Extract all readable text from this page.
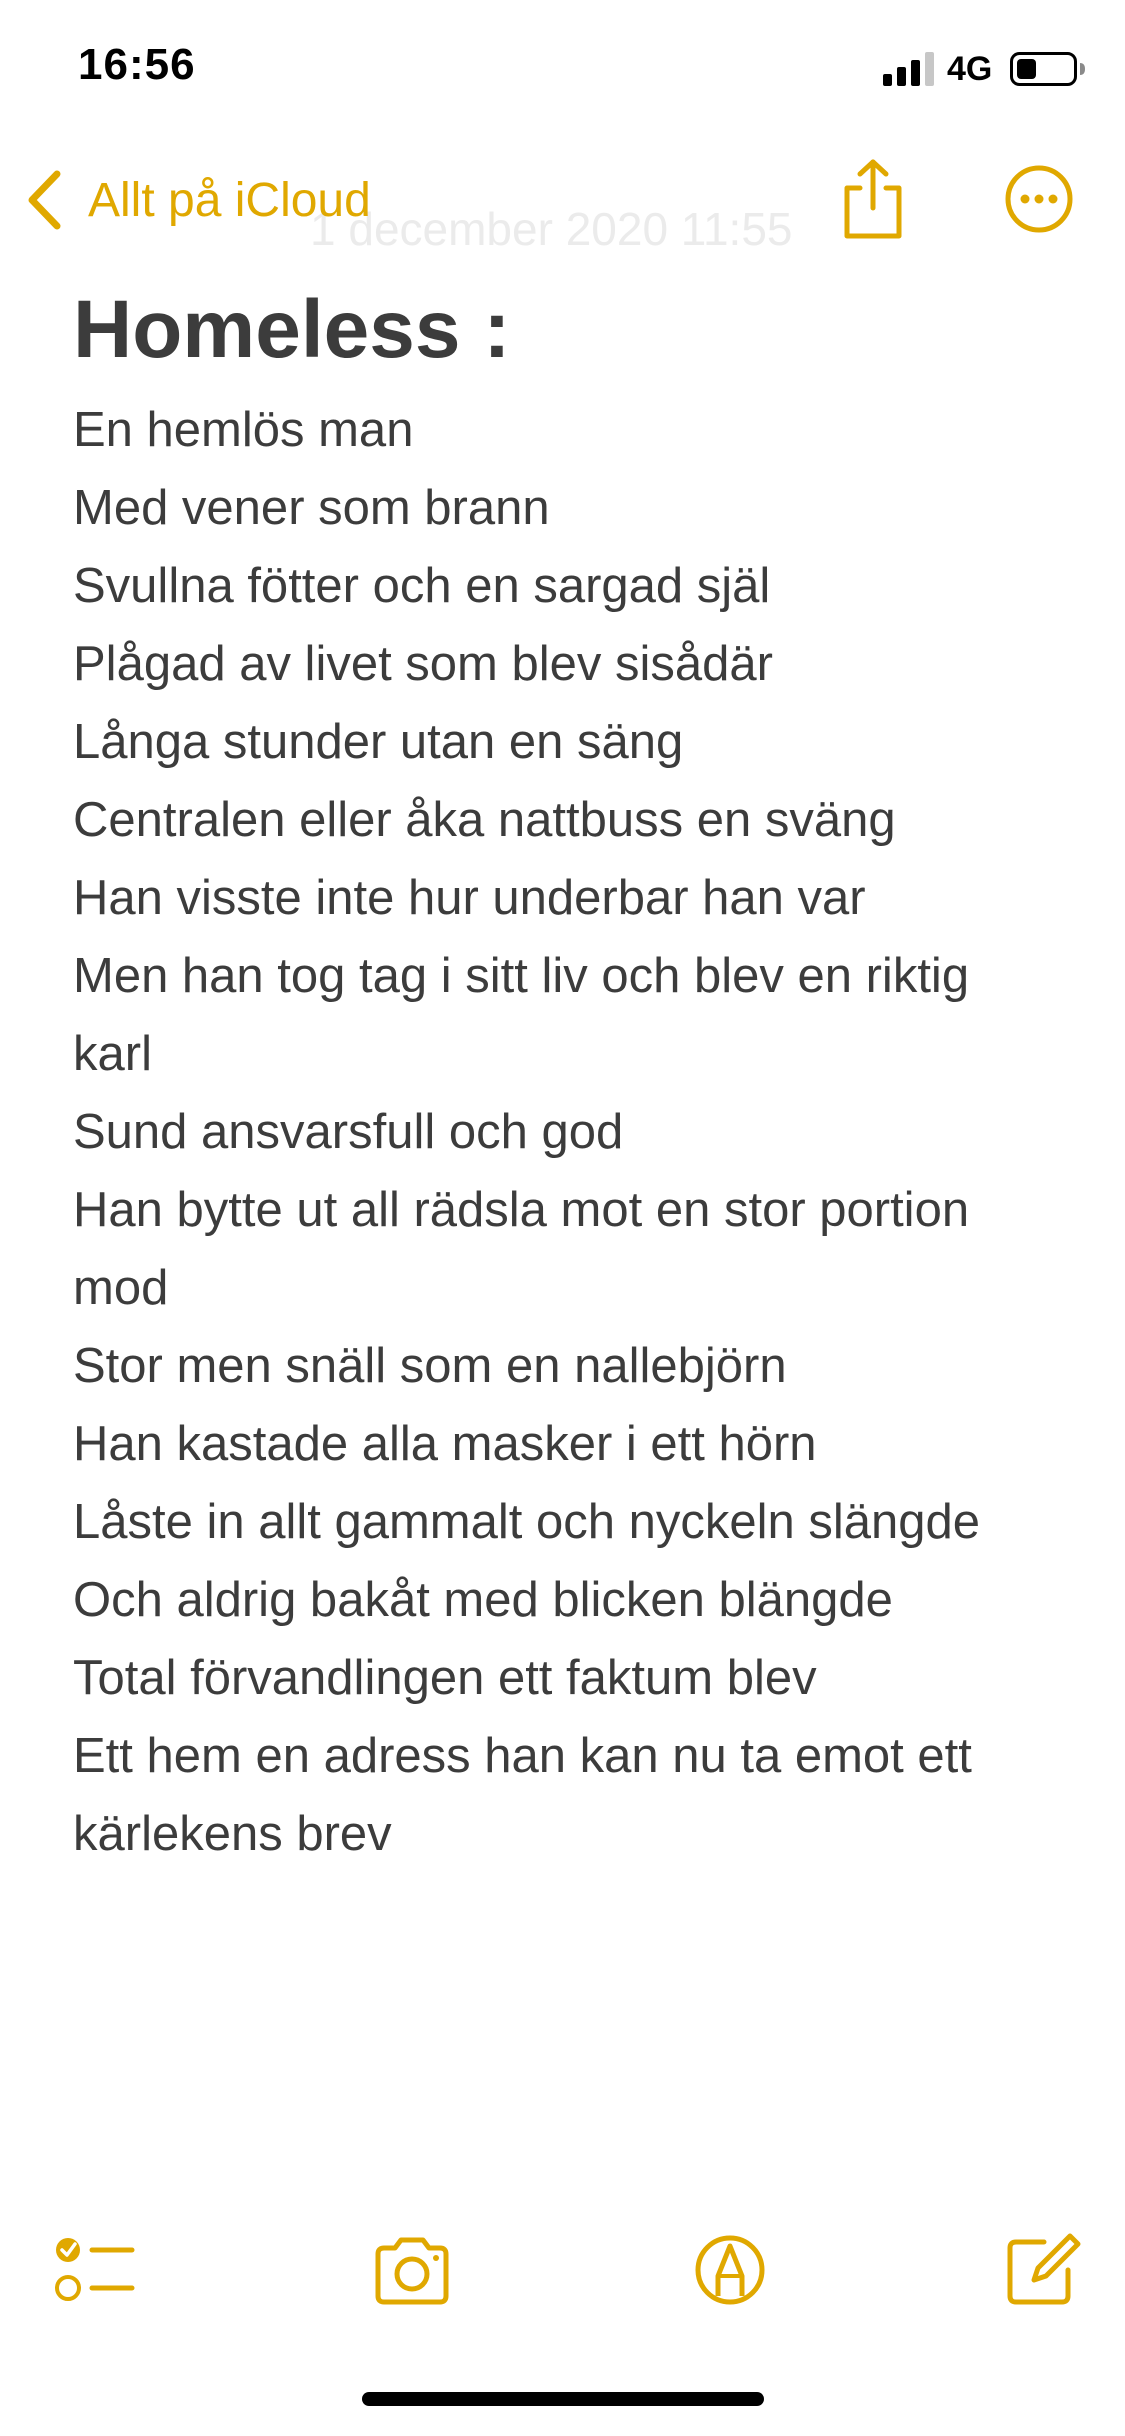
16:56	4G
1 december 2020 11:55
Allt på iCloud
Homeless :
En hemlös man
Med vener som brann
Svullna fötter och en sargad själ
Plågad av livet som blev sisådär
Långa stunder utan en säng
Centralen eller åka nattbuss en sväng
Han visste inte hur underbar han var
Men han tog tag i sitt liv och blev en riktig
karl
Sund ansvarsfull och god
Han bytte ut all rädsla mot en stor portion
mod
Stor men snäll som en nallebjörn
Han kastade alla masker i ett hörn
Låste in allt gammalt och nyckeln slängde
Och aldrig bakåt med blicken blängde
Total förvandlingen ett faktum blev
Ett hem en adress han kan nu ta emot ett
kärlekens brev
